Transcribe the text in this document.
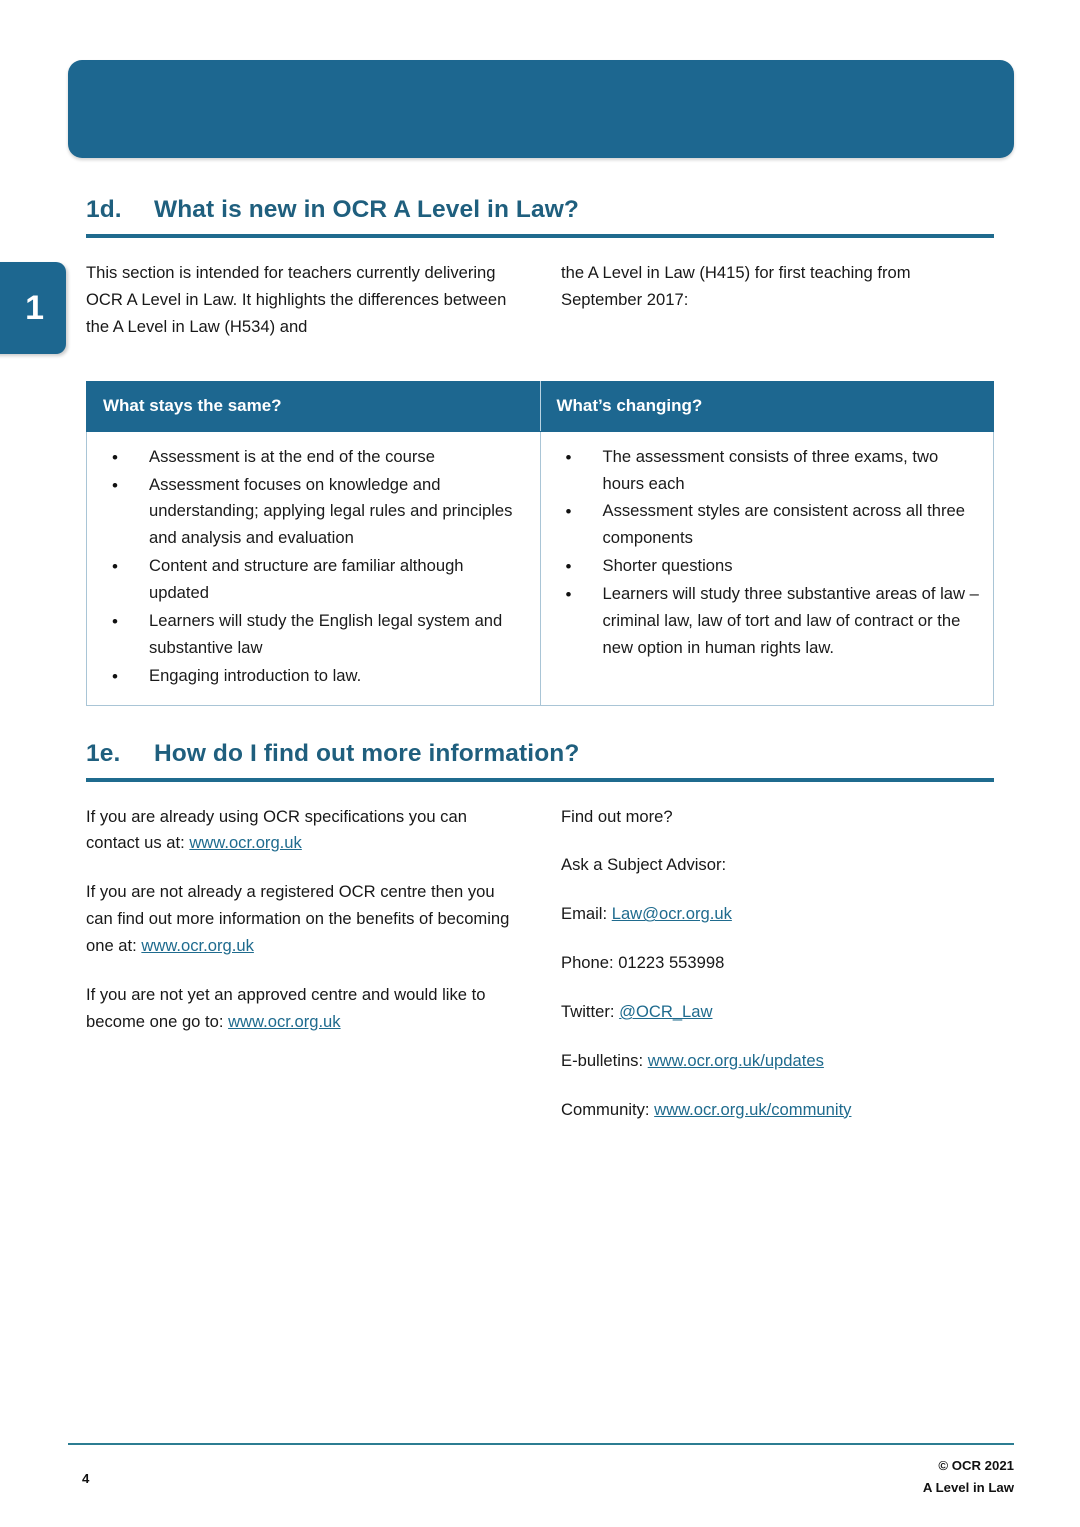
1
1d.	What is new in OCR A Level in Law?

This section is intended for teachers currently delivering OCR A Level in Law. It highlights the differences between the A Level in Law (H534) and

the A Level in Law (H415) for first teaching from September 2017:

What stays the same?	What’s changing?

• Assessment is at the end of the course
• Assessment focuses on knowledge and understanding; applying legal rules and principles and analysis and evaluation
• Content and structure are familiar although updated
• Learners will study the English legal system and substantive law
• Engaging introduction to law.

• The assessment consists of three exams, two hours each
• Assessment styles are consistent across all three components
• Shorter questions
• Learners will study three substantive areas of law – criminal law, law of tort and law of contract or the new option in human rights law.
1e.	How do I find out more information?

If you are already using OCR specifications you can contact us at: www.ocr.org.uk

If you are not already a registered OCR centre then you can find out more information on the benefits of becoming one at: www.ocr.org.uk

If you are not yet an approved centre and would like to become one go to: www.ocr.org.uk

Find out more?

Ask a Subject Advisor:

Email: Law@ocr.org.uk

Phone: 01223 553998

Twitter: @OCR_Law

E-bulletins: www.ocr.org.uk/updates

Community: www.ocr.org.uk/community

4
© OCR 2021
A Level in Law
